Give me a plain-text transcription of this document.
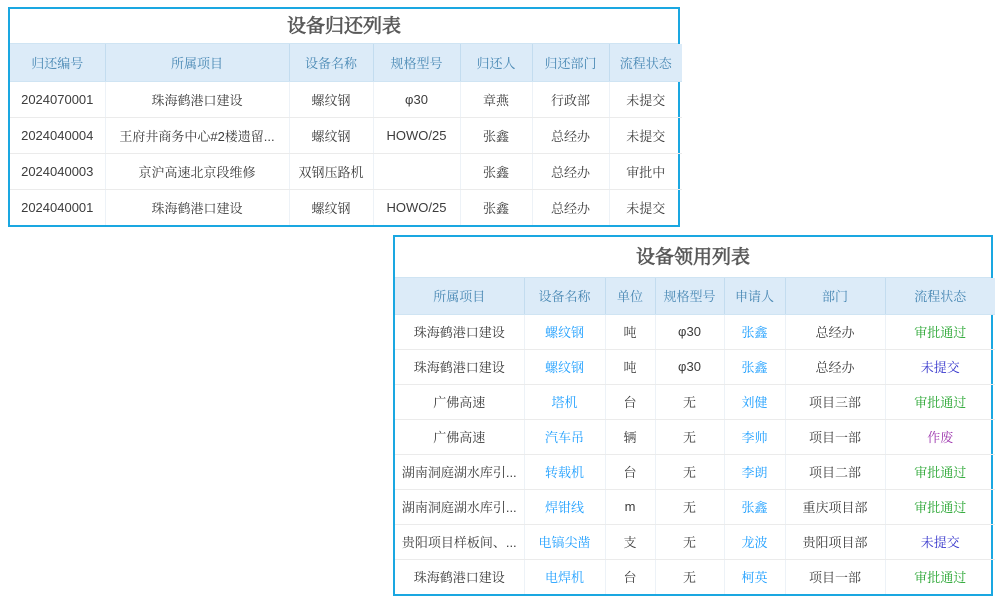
设备归还列表
归还编号	所属项目	设备名称	规格型号	归还人	归还部门	流程状态
2024070001	珠海鹤港口建设	螺纹钢	φ30	章燕	行政部	未提交
2024040004	王府井商务中心#2楼遗留...	螺纹钢	HOWO/25	张鑫	总经办	未提交
2024040003	京沪高速北京段维修	双钢压路机		张鑫	总经办	审批中
2024040001	珠海鹤港口建设	螺纹钢	HOWO/25	张鑫	总经办	未提交
设备领用列表
所属项目	设备名称	单位	规格型号	申请人	部门	流程状态
珠海鹤港口建设	螺纹钢	吨	φ30	张鑫	总经办	审批通过
珠海鹤港口建设	螺纹钢	吨	φ30	张鑫	总经办	未提交
广佛高速	塔机	台	无	刘健	项目三部	审批通过
广佛高速	汽车吊	辆	无	李帅	项目一部	作废
湖南洞庭湖水库引...	转载机	台	无	李朗	项目二部	审批通过
湖南洞庭湖水库引...	焊钳线	m	无	张鑫	重庆项目部	审批通过
贵阳项目样板间、...	电镐尖凿	支	无	龙波	贵阳项目部	未提交
珠海鹤港口建设	电焊机	台	无	柯英	项目一部	审批通过
